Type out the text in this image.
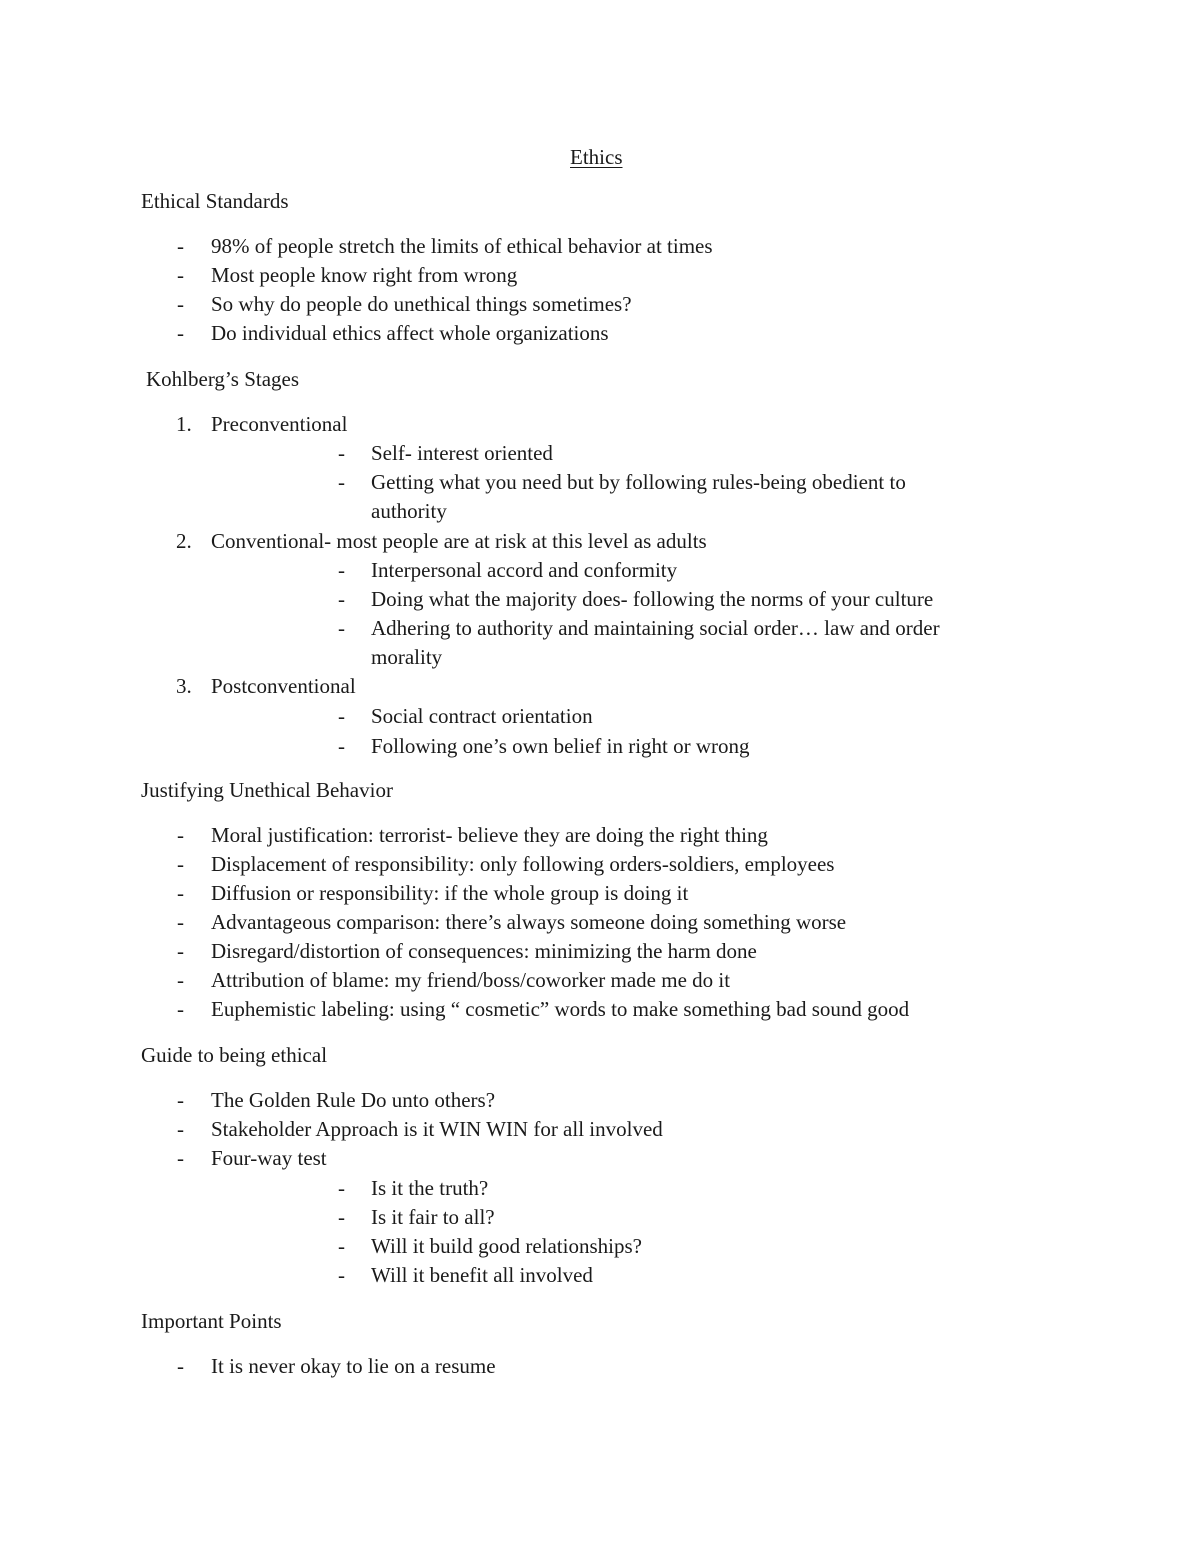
Ethics
Ethical Standards
- 98% of people stretch the limits of ethical behavior at times
- Most people know right from wrong
- So why do people do unethical things sometimes?
- Do individual ethics affect whole organizations
Kohlberg’s Stages
1. Preconventional
- Self- interest oriented
- Getting what you need but by following rules-being obedient to
authority
2. Conventional- most people are at risk at this level as adults
- Interpersonal accord and conformity
- Doing what the majority does- following the norms of your culture
- Adhering to authority and maintaining social order… law and order
morality
3. Postconventional
- Social contract orientation
- Following one’s own belief in right or wrong
Justifying Unethical Behavior
- Moral justification: terrorist- believe they are doing the right thing
- Displacement of responsibility: only following orders-soldiers, employees
- Diffusion or responsibility: if the whole group is doing it
- Advantageous comparison: there’s always someone doing something worse
- Disregard/distortion of consequences: minimizing the harm done
- Attribution of blame: my friend/boss/coworker made me do it
- Euphemistic labeling: using “ cosmetic” words to make something bad sound good
Guide to being ethical
- The Golden Rule Do unto others?
- Stakeholder Approach is it WIN WIN for all involved
- Four-way test
- Is it the truth?
- Is it fair to all?
- Will it build good relationships?
- Will it benefit all involved
Important Points
- It is never okay to lie on a resume
